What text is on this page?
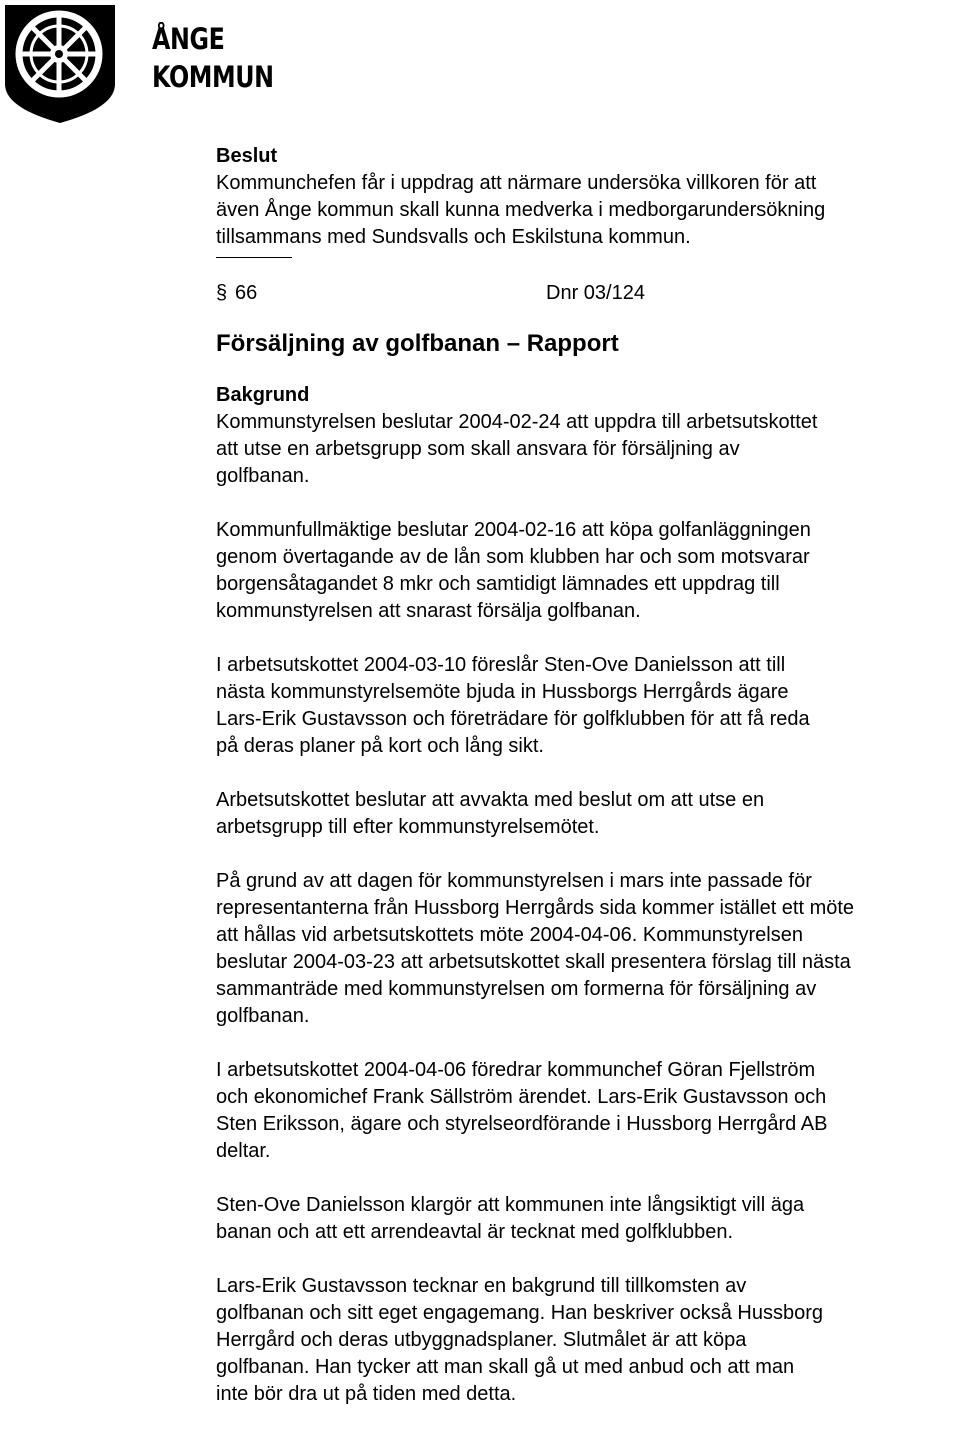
ÅNGE
KOMMUN
Beslut
Kommunchefen får i uppdrag att närmare undersöka villkoren för att
även Ånge kommun skall kunna medverka i medborgarundersökning
tillsammans med Sundsvalls och Eskilstuna kommun.
§ 66	Dnr 03/124
Försäljning av golfbanan – Rapport
Bakgrund
Kommunstyrelsen beslutar 2004-02-24 att uppdra till arbetsutskottet
att utse en arbetsgrupp som skall ansvara för försäljning av
golfbanan.
Kommunfullmäktige beslutar 2004-02-16 att köpa golfanläggningen
genom övertagande av de lån som klubben har och som motsvarar
borgensåtagandet 8 mkr och samtidigt lämnades ett uppdrag till
kommunstyrelsen att snarast försälja golfbanan.
I arbetsutskottet 2004-03-10 föreslår Sten-Ove Danielsson att till
nästa kommunstyrelsemöte bjuda in Hussborgs Herrgårds ägare
Lars-Erik Gustavsson och företrädare för golfklubben för att få reda
på deras planer på kort och lång sikt.
Arbetsutskottet beslutar att avvakta med beslut om att utse en
arbetsgrupp till efter kommunstyrelsemötet.
På grund av att dagen för kommunstyrelsen i mars inte passade för
representanterna från Hussborg Herrgårds sida kommer istället ett möte
att hållas vid arbetsutskottets möte 2004-04-06. Kommunstyrelsen
beslutar 2004-03-23 att arbetsutskottet skall presentera förslag till nästa
sammanträde med kommunstyrelsen om formerna för försäljning av
golfbanan.
I arbetsutskottet 2004-04-06 föredrar kommunchef Göran Fjellström
och ekonomichef Frank Sällström ärendet. Lars-Erik Gustavsson och
Sten Eriksson, ägare och styrelseordförande i Hussborg Herrgård AB
deltar.
Sten-Ove Danielsson klargör att kommunen inte långsiktigt vill äga
banan och att ett arrendeavtal är tecknat med golfklubben.
Lars-Erik Gustavsson tecknar en bakgrund till tillkomsten av
golfbanan och sitt eget engagemang. Han beskriver också Hussborg
Herrgård och deras utbyggnadsplaner. Slutmålet är att köpa
golfbanan. Han tycker att man skall gå ut med anbud och att man
inte bör dra ut på tiden med detta.
